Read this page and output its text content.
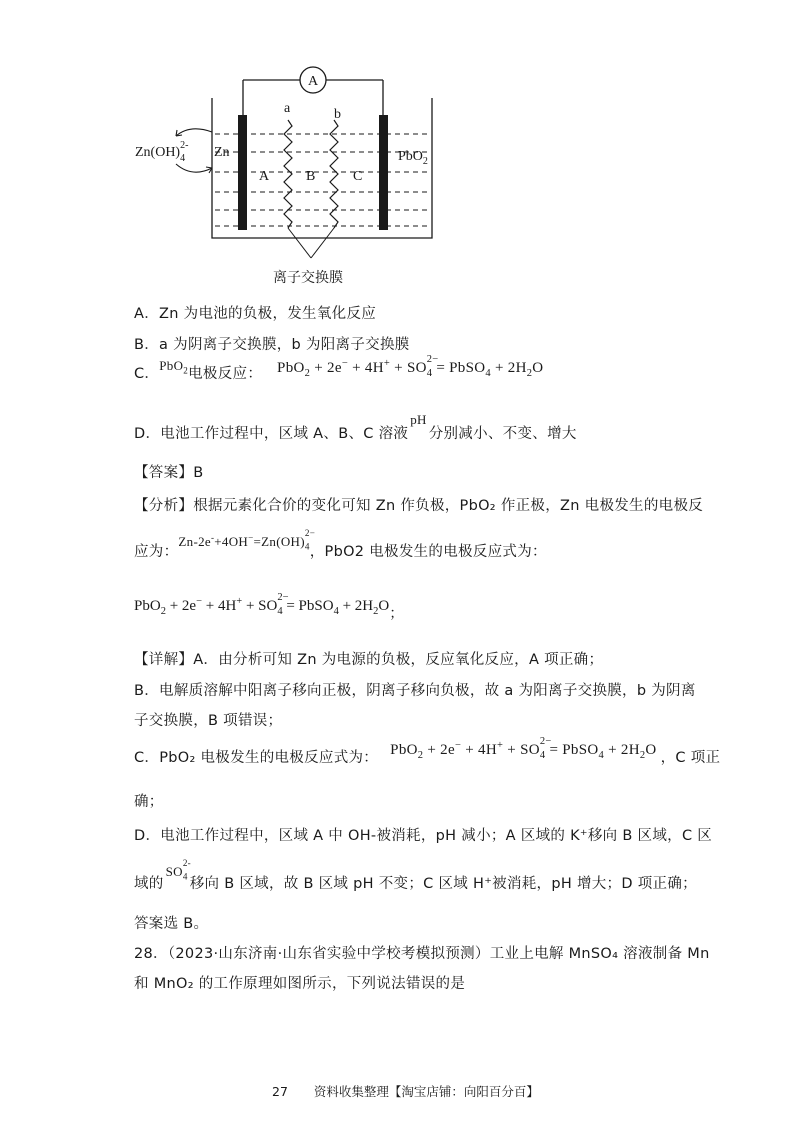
A
a	b
A	B	C
Zn	PbO$_2$
$Zn(OH)_42-$
离子交换膜
A．Zn 为电池的负极，发生氧化反应
B．a 为阴离子交换膜，b 为阳离子交换膜
C．PbO$_2$电极反应： PbO$_2$ + 2e− + 4H+ + SO
2−
$_4$ = PbSO$_4$ + $2H_2O$
D．电池工作过程中，区域 A、B、C 溶液pH分别减小、不变、增大
【答案】B
【分析】根据元素化合价的变化可知 Zn 作负极，PbO₂ 作正极，Zn 电极发生的电极反
应为：Zn-2e-+4OH−=Zn(OH)
2−
$_4$，PbO2 电极发生的电极反应式为：
PbO$_2$ + 2e− + 4H+ + SO
2−
$_4$ = PbSO$_4$ + $2H_2O$；
【详解】A．由分析可知 Zn 为电源的负极，反应氧化反应，A 项正确；
B．电解质溶解中阳离子移向正极，阴离子移向负极，故 a 为阳离子交换膜，b 为阴离
子交换膜，B 项错误；
C．PbO₂ 电极发生的电极反应式为： PbO$_2$ + 2e− + 4H+ + SO
2−
$_4$ = PbSO$_4$ + $2H_2O$ ，C 项正
确；
D．电池工作过程中，区域 A 中 OH-被消耗，pH 减小；A 区域的 K⁺移向 B 区域，C 区
域的SO
2-
$_4$ 移向 B 区域，故 B 区域 pH 不变；C 区域 H⁺被消耗，pH 增大；D 项正确；
答案选 B。
28．（2023·山东济南·山东省实验中学校考模拟预测）工业上电解 MnSO₄ 溶液制备 Mn
和 MnO₂ 的工作原理如图所示，下列说法错误的是
27 资料收集整理【淘宝店铺：向阳百分百】
